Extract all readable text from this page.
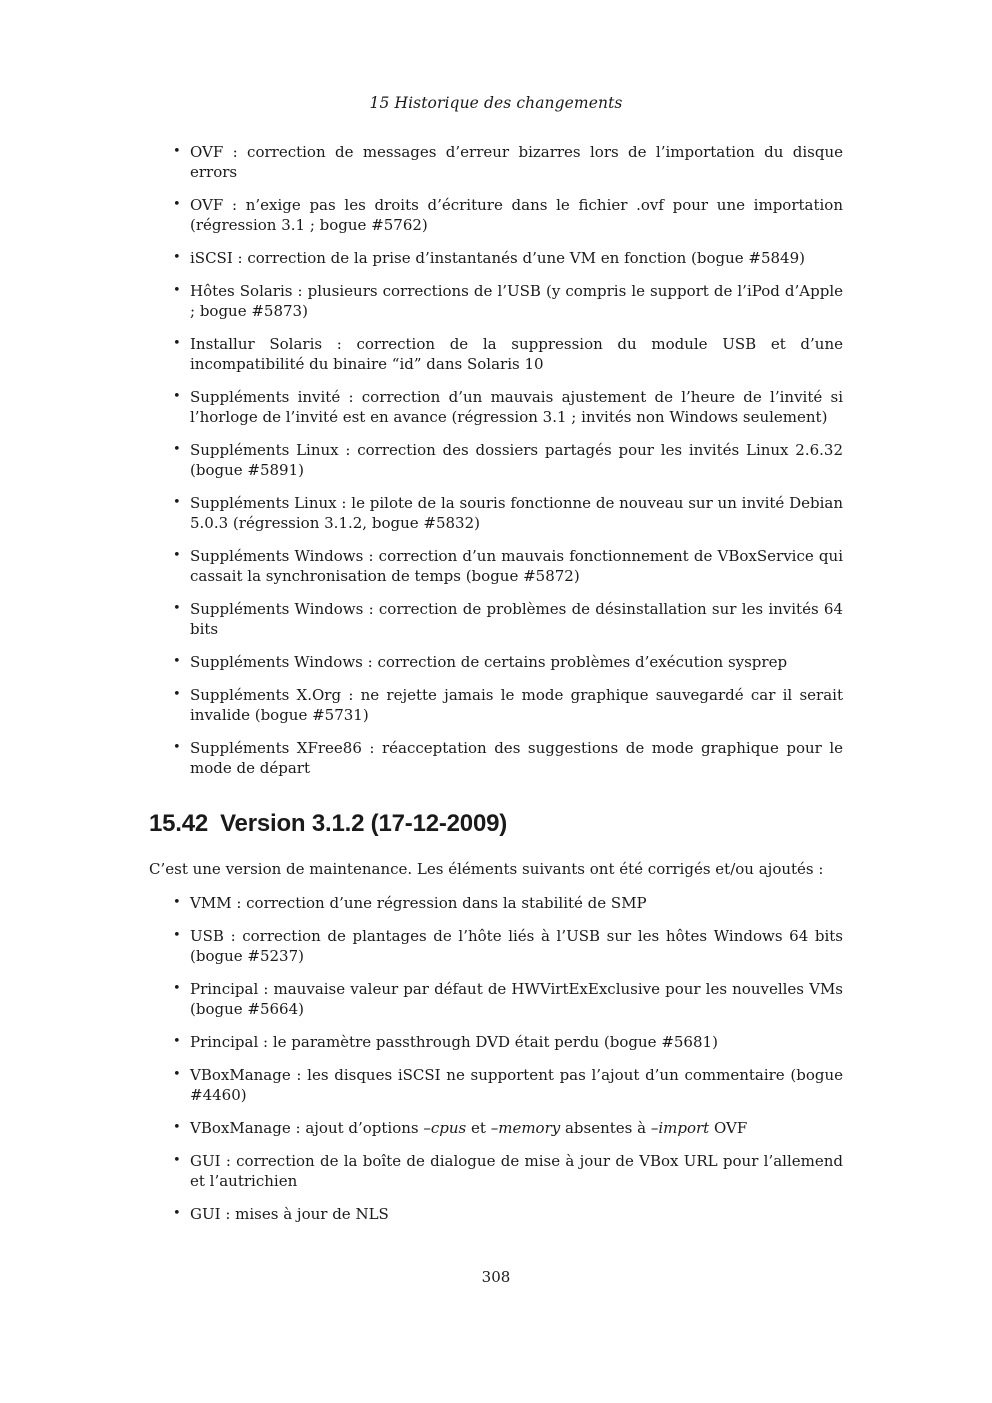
15 Historique des changements
• OVF : correction de messages d’erreur bizarres lors de l’importation du disque errors
• OVF : n’exige pas les droits d’écriture dans le fichier .ovf pour une importation (régression 3.1 ; bogue #5762)
• iSCSI : correction de la prise d’instantanés d’une VM en fonction (bogue #5849)
• Hôtes Solaris : plusieurs corrections de l’USB (y compris le support de l’iPod d’Apple ; bogue #5873)
• Installur Solaris : correction de la suppression du module USB et d’une incompatibilité du binaire “id” dans Solaris 10
• Suppléments invité : correction d’un mauvais ajustement de l’heure de l’invité si l’horloge de l’invité est en avance (régression 3.1 ; invités non Windows seulement)
• Suppléments Linux : correction des dossiers partagés pour les invités Linux 2.6.32 (bogue #5891)
• Suppléments Linux : le pilote de la souris fonctionne de nouveau sur un invité Debian 5.0.3 (régression 3.1.2, bogue #5832)
• Suppléments Windows : correction d’un mauvais fonctionnement de VBoxService qui cassait la synchronisation de temps (bogue #5872)
• Suppléments Windows : correction de problèmes de désinstallation sur les invités 64 bits
• Suppléments Windows : correction de certains problèmes d’exécution sysprep
• Suppléments X.Org : ne rejette jamais le mode graphique sauvegardé car il serait invalide (bogue #5731)
• Suppléments XFree86 : réacceptation des suggestions de mode graphique pour le mode de départ
15.42 Version 3.1.2 (17-12-2009)

C’est une version de maintenance. Les éléments suivants ont été corrigés et/ou ajoutés :

• VMM : correction d’une régression dans la stabilité de SMP
• USB : correction de plantages de l’hôte liés à l’USB sur les hôtes Windows 64 bits (bogue #5237)
• Principal : mauvaise valeur par défaut de HWVirtExExclusive pour les nouvelles VMs (bogue #5664)
• Principal : le paramètre passthrough DVD était perdu (bogue #5681)
• VBoxManage : les disques iSCSI ne supportent pas l’ajout d’un commentaire (bogue #4460)
• VBoxManage : ajout d’options –cpus et –memory absentes à –import OVF
• GUI : correction de la boîte de dialogue de mise à jour de VBox URL pour l’allemend et l’autrichien
• GUI : mises à jour de NLS
308
